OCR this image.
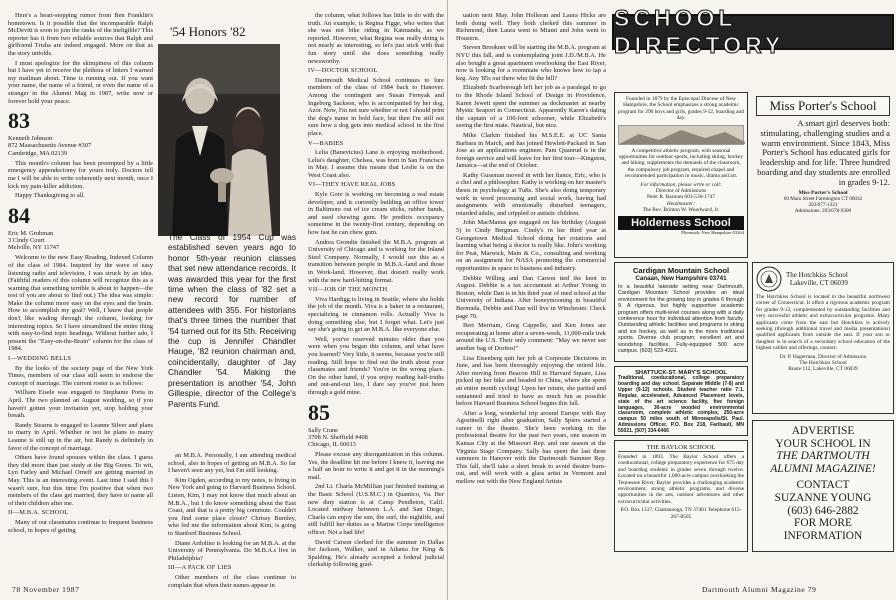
Here's a heart-stopping rumor from Ben Franklin's hometown. Is it possible that the incomparable Ralph McDevitt is soon to join the ranks of the ineligible? This reporter has it from two reliable sources that Ralph and girlfriend Trisha are indeed engaged. More on that as the story unfolds.

I must apologize for the skimpiness of this column but I have yet to receive the plethora of letters I warned my mailman about. Time is running out. If you want your name, the name of a friend, or even the name of a stranger in the Alumni Mag in 1987, write now or forever hold your peace.

83
Kenneth Johnson
872 Massachusetts Avenue #307
Cambridge, MA 02139

This month's column has been preempted by a little emergency appendectomy for yours truly. Doctors tell me I will be able to write coherently next month, once I kick my pain-killer addiction.

Happy Thanksgiving to all.

84
Eric M. Grubman
3 Cindy Court
Melville, NY 11747

Welcome to the new Easy Reading, Indexed Column of the class of 1984. Inspired by the wave of easy listening radio and television, I was struck by an idea. (Faithful readers of this column will recognize this as a warning that something terrible is about to happen—the rest of you are about to find out.) The idea was simple: Make the column more easy on the eyes and the brain. How to accomplish my goal? Well, I knew that people don't like wading through the column, looking for interesting topics. So I have streamlined the entire thing with easy-to-find topic headings. Without further ado, I present the "Easy-on-the-Brain" column for the class of 1984.

I—WEDDING BELLS

By the looks of the society page of the New York Times, members of our class still seem to endorse the concept of marriage. The current roster is as follows:

William Eisele was engaged to Stephanie Porta in April. The two planned an August wedding, so if you haven't gotten your invitation yet, stop holding your breath.

Randy Stearns is engaged to Leanne Silver and plans to marry in April. Whether or not he plans to marry Leanne is still up in the air, but Randy is definitely in favor of the concept of marriage.

Others have found spouses within the class. I guess they did more than just study at the Big Green. To wit, Lyn Farley and Michael Orneff are getting married in May. This is an interesting event. Last time I said this I wasn't sure, but this time I'm positive that when two members of the class get married, they have to name all of their children after me.

II—M.B.A. SCHOOL

Many of our classmates continue to frequent business school, in hopes of getting

an M.B.A. Personally, I am attending medical school, also in hopes of getting an M.B.A. So far I haven't seen any yet, but I'm still looking.

Kim Ogden, according to my notes, is living in New York and going to Harvard Business School. Listen, Kim, I may not know that much about an M.B.A., but I do know something about the East Coast, and that is a pretty big commute. Couldn't you find some place closer? Chrissy Burnley, who fed me the information about Kim, is going to Stanford Business School.

Diane Ardolino is looking for an M.B.A. at the University of Pennsylvania. Do M.B.A.s live in Philadelphia?

III—A PACK OF LIES

Other members of the class continue to complain that when their names appear in

'54 Honors '82
The Class of 1954 Cup was established seven years ago to honor 5th-year reunion classes that set new attendance records. It was awarded this year for the first time when the class of '82 set a new record for number of attendees with 355. For historians that's three times the number that '54 turned out for its 5th. Receiving the cup is Jennifer Chandler Hauge, '82 reunion chairman and, coincidentally, daughter of Jay Chandler '54. Making the presentation is another '54, John Gillespie, director of the College's Parents Fund.

the column, what follows has little to do with the truth. An example, is Regina Figge, who writes that she was not bike riding in Katmandu, as we reported. However, what Regina was really doing is not nearly as interesting, so let's just stick with that fun story until she does something really newsworthy.

IV—DOCTOR SCHOOL

Dartmouth Medical School continues to lure members of the class of 1984 back to Hanover. Among the contingent are Susan Fernyak and Ingeborg Sackson, who is accompanied by her dog, Azor. Now, I'm not sure whether or not I should print the dog's name in bold face, but then I'm still not sure how a dog gets into medical school in the first place.

V—BABIES

Lelia (Banevicius) Lane is enjoying motherhood. Lelia's daughter, Chelsea, was born in San Francisco in May. I assume this means that Leslie is on the West Coast also.

VI—THEY HAVE REAL JOBS

Kyle Gore is working on becoming a real estate developer, and is currently building an office tower in Baltimore out of ice cream sticks, rubber bands, and used chewing gum. He predicts occupancy sometime in the twenty-first century, depending on how fast he can chew gum.

Andrea Grondin finished the M.B.A. program at University of Chicago and is working for the Inland Steel Company. Normally, I would use this as a transition between people in M.B.A.-land and those in Work-land. However, that doesn't really work with the new hard-hitting format.

VII—JOB OF THE MONTH

Viva Hardigg is living in Seattle, where she holds the job of the month. Viva is a baker in a restaurant, specializing in cinnamon rolls. Actually Viva is doing something else, but I forget what. Let's just say she's going to get an M.B.A. like everyone else.

Well, you've reserved minutes older than you were when you began this column, and what have you learned? Very little, it seems, because you're still reading. Still hope to find out the truth about your classmates and friends? You're in the wrong place. On the other hand, if you enjoy reading half-truths and out-and-out lies, I dare say you've just been through a gold mine.

85
Sally Crane
3708 N. Sheffield #408
Chicago, IL 60613

Please excuse any disorganization in this column. Yes, the deadline hit me before I knew it, leaving me a half an hour to write it and get it in the morning's mail.

2nd Lt. Charla McMillian just finished training at the Basic School (U.S.M.C.) in Quantico, Va. Her new duty station is at Camp Pendleton, Calif. Located midway between L.A. and San Diego, Charla can enjoy the sun, the surf, the nightlife, and still fulfill her duties as a Marine Corps intelligence officer. Not a bad life!

David Carson clerked for the summer in Dallas for Jackson, Walker, and in Atlanta for King & Spalding. He's already accepted a federal judicial clerkship following grad-

78 November 1987

uation next May. John Holleran and Laura Hicks are both doing well. They both clerked this summer in Richmond, then Laura went to Miami and John went to Houston.

Steven Brookner will be starting the M.B.A. program at NYU this fall, and is contemplating joint J.D./M.B.A. He also bought a great apartment overlooking the East River, now is looking for a roommate who knows how to tap a keg. Any '85s out there who fit the bill?

Elizabeth Scarborough left her job as a paralegal to go to the Rhode Island School of Design in Providence. Karen Jewett spent the summer as dockmaster at nearby Mystic Seaport in Connecticut. Apparently Karen's dating the captain of a 100-foot schooner, while Elizabeth's seeing the first mate. Nautical, but nice.

Mike Clarkin finished his M.S.E.E. at UC Santa Barbara in March, and has joined Hewlett-Packard in San Jose as an applications engineer. Pam Quanrud is in the foreign service and will leave for her first tour—Kingston, Jamaica—at the end of October.

Kathy Gussman moved in with her fiance, Eric, who is a chef and a philosopher. Kathy is working on her master's thesis in psychology at Tufts. She's also doing temporary work in word processing and social work, having had assignments with emotionally disturbed teenagers, retarded adults, and crippled or autistic children.

John MacManus got engaged on his birthday (August 5) to Cindy Bergman. Cindy's in her third year at Georgetown Medical School doing her rotations and learning what being a doctor is really like. John's working for Peat, Marwick, Main & Co., consulting and working on an assignment for NASA promoting the commercial opportunities in space to business and industry.

Debbie Willing and Dan Carson tied the knot in August. Debbie is a tax accountant at Arthur Young in Boston, while Dan is in his third year of med school at the University of Indiana. After honeymooning in beautiful Bermuda, Debbie and Dan will live in Winchester. Check page 70.

Bert Merriam, Greg Cappello, and Ken Jones are recuperating at home after a seven-week, 11,000-mile trek around the U.S. Their only comment: "May we never see another bag of Doritos!"

Lisa Eisenberg quit her job at Corporate Decisions in June, and has been thoroughly enjoying the retired life. After moving from Beacon Hill to Harvard Square, Lisa picked up her bike and headed to China, where she spent an entire month cycling! Upon her return, she partied and suntanned and tried to have as much fun as possible before Harvard Business School begins this fall.

After a long, wonderful trip around Europe with Ray Agostinelli right after graduation, Sally Spiers started a career in the theatre. She's been working in the professional theatre for the past two years, one season in Kansas City at the Missouri Rep. and one season at the Virginia Stage Company. Sally has spent the last three summers in Hanover with the Dartmouth Summer Rep. This fall, she'll take a short break to avoid theatre burn-out, and will work with a glass artist in Vermont and mellow out with the New England Artists

Dartmouth Alumni Magazine 79
SCHOOL DIRECTORY
Founded in 1879 by the Episcopal Diocese of New Hampshire, the School emphasizes a strong academic program for 290 boys and girls, grades 9-12, boarding and day.
A competitive athletic program, with seasonal opportunities for outdoor sports, including skiing, hockey and hiking, supplements the demands of the classroom, the compulsory job program, required chapel and recommended participation in music, drama and art.
For information, please write or call:
Director of Admissions
Peter R. Barnum 603-536-1747
Headmaster:
The Rev. Brinton W. Woodward, Jr.
Holderness School
Plymouth, New Hampshire 03264
Miss Porter's School
A smart girl deserves both: stimulating, challenging studies and a warm environment. Since 1843, Miss Porter's School has educated girls for leadership and for life. Three hundred boarding and day students are enrolled in grades 9-12.
Miss Porter's School
60 Main Street Farmington CT 06032
203/677-1321
Admissions: 203/678-9300
Cardigan Mountain School
Canaan, New Hampshire 03741
In a beautiful lakeside setting near Dartmouth, Cardigan Mountain School provides an ideal environment for the growing boy in grades 6 through 9. A rigorous, but highly supportive academic program offers multi-level courses along with a daily conference hour for individual attention from faculty. Outstanding athletic facilities and programs in skiing and ice hockey, as well as in the more traditional sports. Diverse club program; excellent art and woodshop facilities. Fully-equipped 500 acre campus. (603) 523-4321.
The Hotchkiss School
Lakeville, CT 06039
The Hotchkiss School is located in the beautiful northwest corner of Connecticut. It offers a rigorous academic program for grades 9-12, complemented by outstanding facilities and very successful athletic and extracurricular programs. Many applicants come from the east but Hotchkiss is actively seeking (through additional travel and media presentations) qualified applicants from outside the east. If your son or daughter is in search of a secondary school education of the highest caliber and offerings, contact:
Dr. P. Hagerman, Director of Admission
The Hotchkiss School
Route 112, Lakeville, CT 06039
SHATTUCK-ST. MARY'S SCHOOL
Traditional, coeducational, college preparatory boarding and day school. Separate Middle (7-8) and Upper (9-12) schools. Student teacher ratio 7:1. Regular, accelerated, Advanced Placement levels, state of the art science facility, five foreign languages, 30-acre wooded environmental classroom, complete athletic complex. 250-acre campus 50 miles south of Minneapolis/St. Paul. Admissions Officer, P.O. Box 218, Faribault, MN 55021. (507) 334-6466	ADVERTISE
YOUR SCHOOL IN
THE DARTMOUTH
ALUMNI MAGAZINE!
CONTACT
SUZANNE YOUNG
(603) 646-2882
FOR MORE
INFORMATION
THE BAYLOR SCHOOL
Founded in 1893. The Baylor School offers a coeducational, college preparatory experience for 675 day and boarding students in grades seven through twelve. Located on a beautiful 1,000-acre campus overlooking the Tennessee River, Baylor provides a challenging academic environment, strong athletic programs, and diverse opportunities in the arts, outdoor adventures and other extracurricular activities.
P.O. Box 1337, Chattanooga, TN 37401 Telephone 615-267-8505
